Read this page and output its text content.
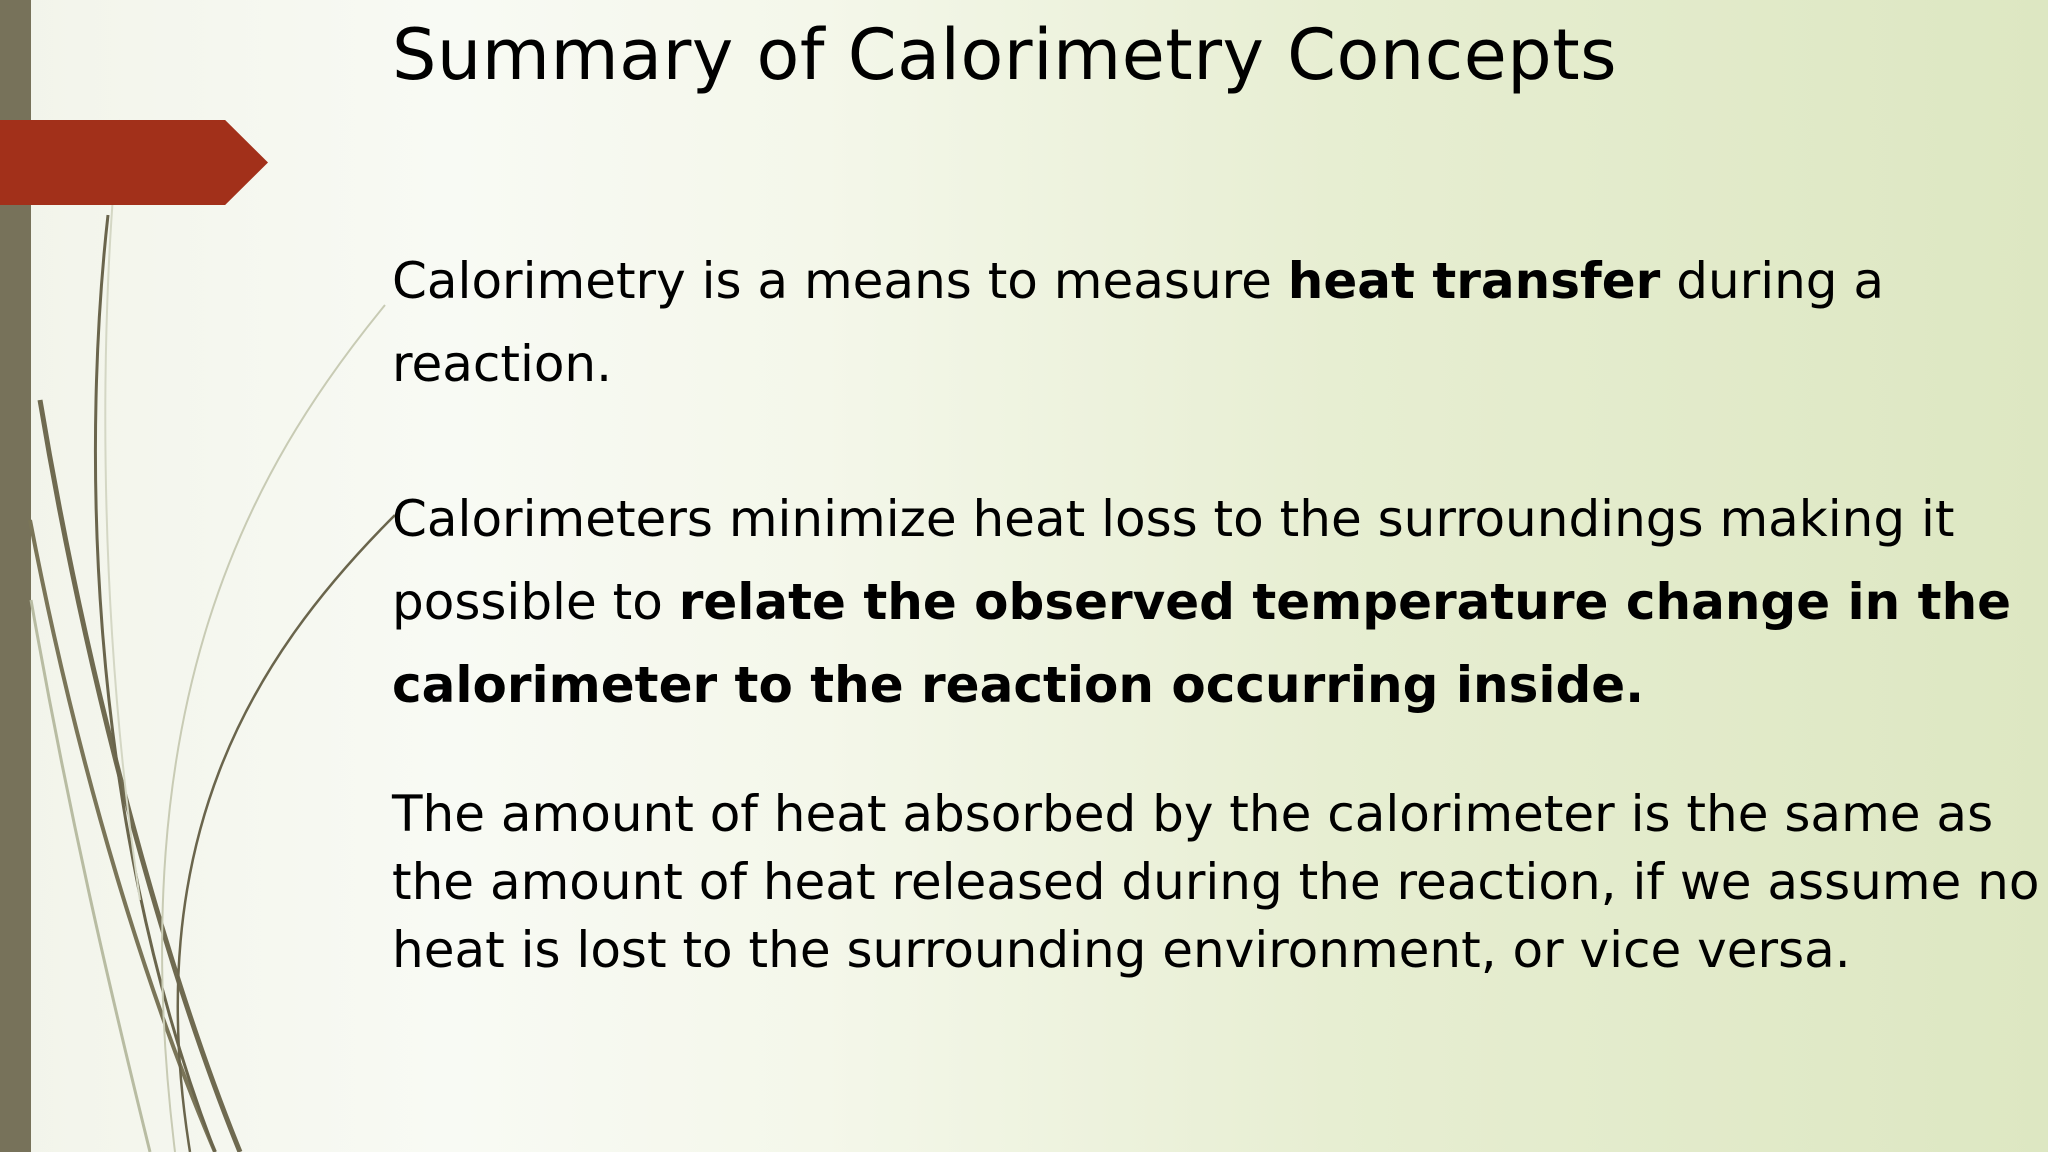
Summary of Calorimetry Concepts

Calorimetry is a means to measure heat transfer during a reaction.

Calorimeters minimize heat loss to the surroundings making it possible to relate the observed temperature change in the calorimeter to the reaction occurring inside.

The amount of heat absorbed by the calorimeter is the same as the amount of heat released during the reaction, if we assume no heat is lost to the surrounding environment, or vice versa.
